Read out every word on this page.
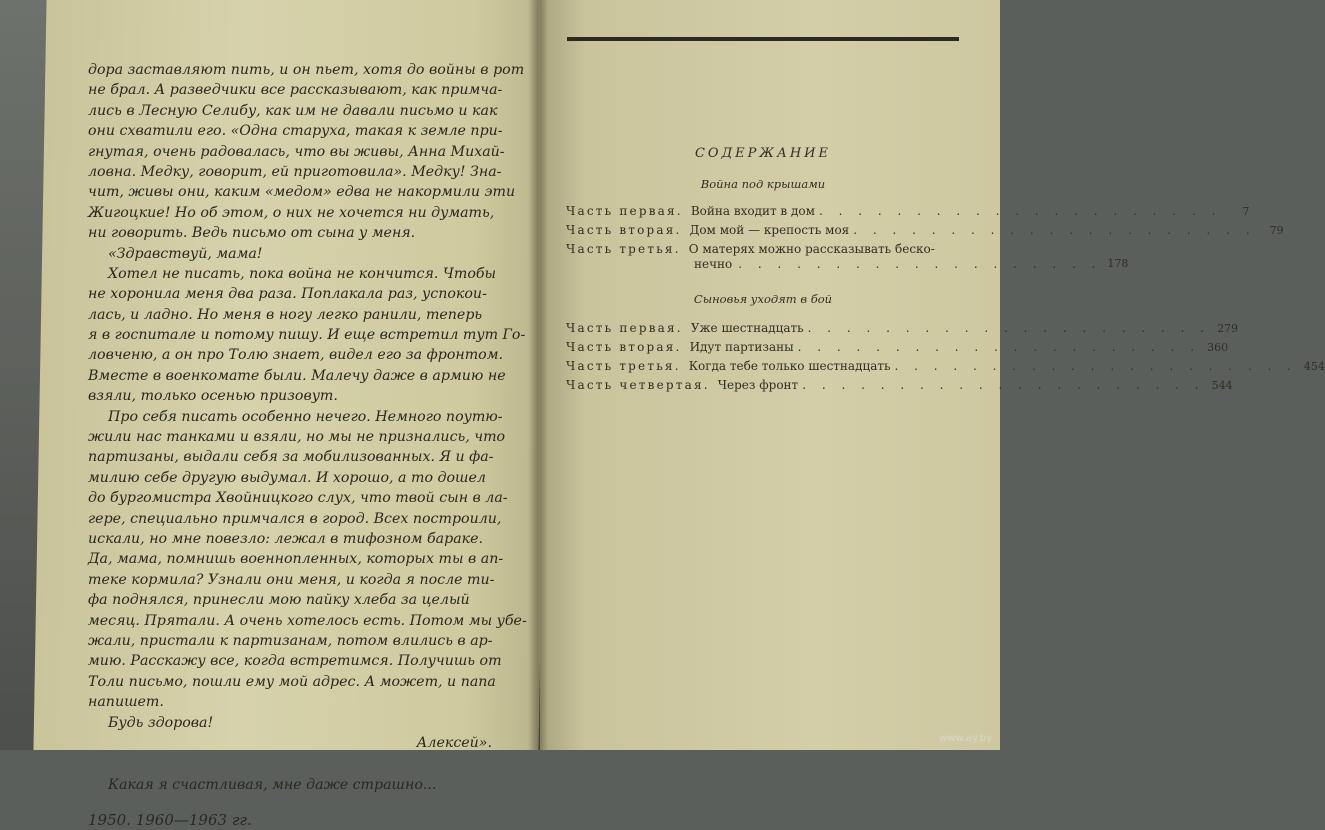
дора заставляют пить, и он пьет, хотя до войны в рот
не брал. А разведчики все рассказывают, как примча-
лись в Лесную Селибу, как им не давали письмо и как
они схватили его. «Одна старуха, такая к земле при-
гнутая, очень радовалась, что вы живы, Анна Михай-
ловна. Медку, говорит, ей приготовила». Медку! Зна-
чит, живы они, каким «медом» едва не накормили эти
Жигоцкие! Но об этом, о них не хочется ни думать,
ни говорить. Ведь письмо от сына у меня.
«Здравствуй, мама!
Хотел не писать, пока война не кончится. Чтобы
не хоронила меня два раза. Поплакала раз, успокои-
лась, и ладно. Но меня в ногу легко ранили, теперь
я в госпитале и потому пишу. И еще встретил тут Го-
ловченю, а он про Толю знает, видел его за фронтом.
Вместе в военкомате были. Малечу даже в армию не
взяли, только осенью призовут.
Про себя писать особенно нечего. Немного поутю-
жили нас танками и взяли, но мы не признались, что
партизаны, выдали себя за мобилизованных. Я и фа-
милию себе другую выдумал. И хорошо, а то дошел
до бургомистра Хвойницкого слух, что твой сын в ла-
гере, специально примчался в город. Всех построили,
искали, но мне повезло: лежал в тифозном бараке.
Да, мама, помнишь военнопленных, которых ты в ап-
теке кормила? Узнали они меня, и когда я после ти-
фа поднялся, принесли мою пайку хлеба за целый
месяц. Прятали. А очень хотелось есть. Потом мы убе-
жали, пристали к партизанам, потом влились в ар-
мию. Расскажу все, когда встретимся. Получишь от
Толи письмо, пошли ему мой адрес. А может, и папа
напишет.
Будь здорова!
Алексей».
Какая я счастливая, мне даже страшно...
1950. 1960—1963 гг.
СОДЕРЖАНИЕ
Война под крышами
Часть первая. Война входит в дом . . . . . . . . . . . . . . . . . . . . .	7
Часть вторая. Дом мой — крепость моя . . . . . . . . . . . . . . . . . . . . .	79
Часть третья. О матерях можно рассказывать беско-
нечно . . . . . . . . . . . . . . . . . . . 178
Сыновья уходят в бой
Часть первая. Уже шестнадцать . . . . . . . . . . . . . . . . . . . . . 279
Часть вторая. Идут партизаны . . . . . . . . . . . . . . . . . . . . . 360
Часть третья. Когда тебе только шестнадцать . . . . . . . . . . . . . . . . . . . . . 454
Часть четвертая. Через фронт . . . . . . . . . . . . . . . . . . . . . 544
www.ay.by
